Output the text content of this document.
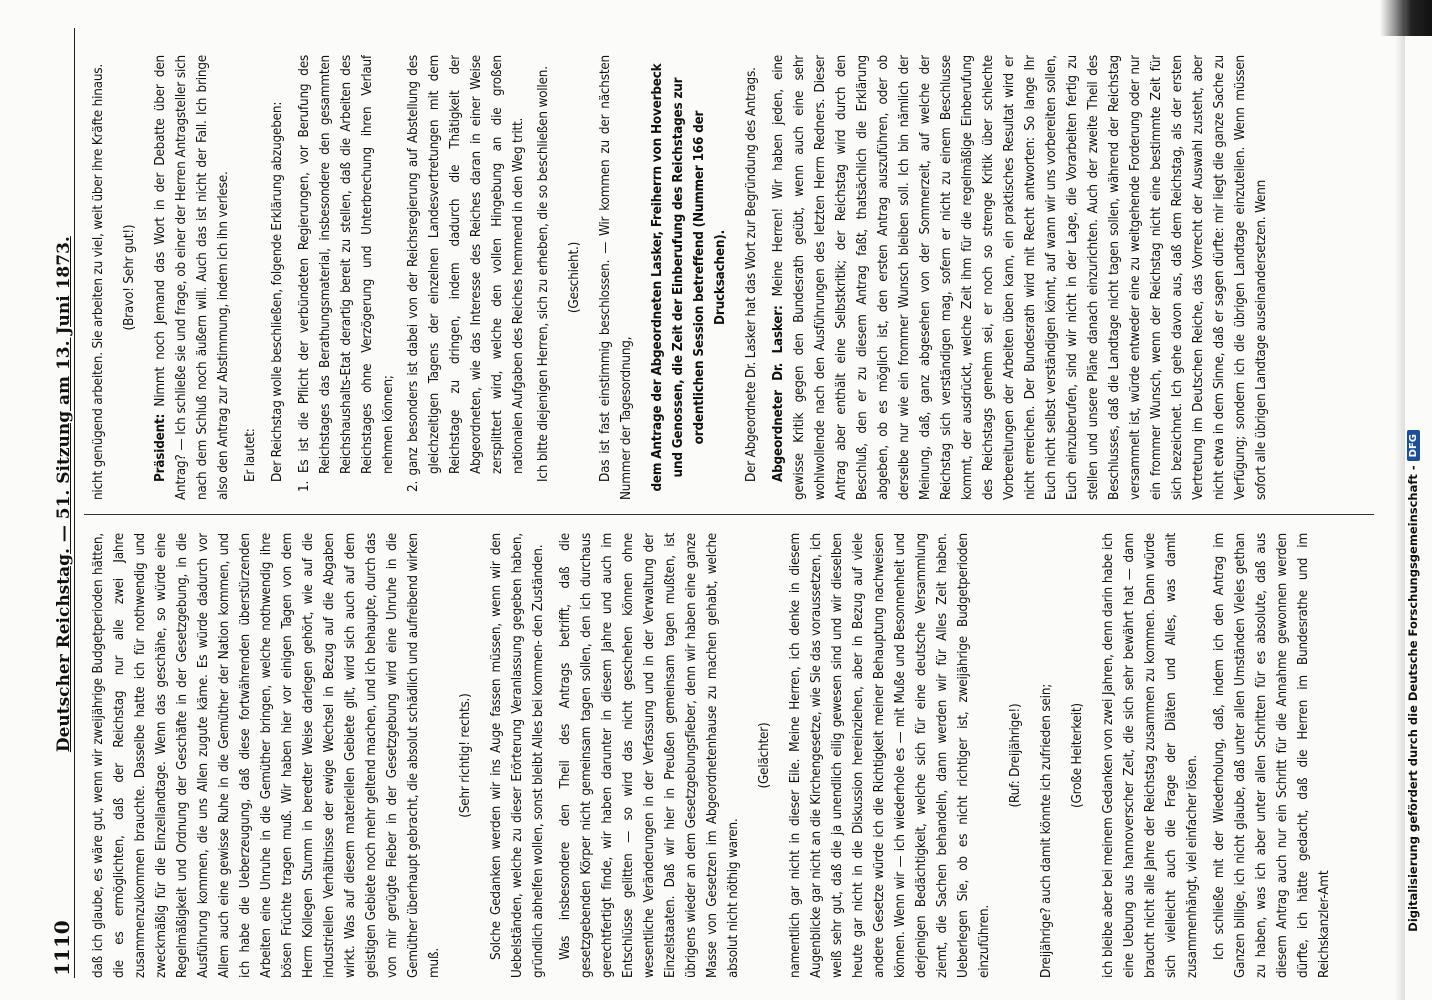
1110
Deutscher Reichstag. — 51. Sitzung am 13. Juni 1873.

daß ich glaube, es wäre gut, wenn wir zweijährige Budgetperioden hätten, die es ermöglichten, daß der Reichstag nur alle zwei Jahre zusammenzukommen brauchte. Dasselbe hatte ich für nothwendig und zweckmäßig für die Einzellandtage. Wenn das geschähe, so würde eine Regelmäßigkeit und Ordnung der Geschäfte in der Gesetzgebung, in die Ausführung kommen, die uns Allen zugute käme. Es würde dadurch vor Allem auch eine gewisse Ruhe in die Gemüther der Nation kommen, und ich habe die Ueberzeugung, daß diese fortwährenden überstürzenden Arbeiten eine Unruhe in die Gemüther bringen, welche nothwendig ihre bösen Früchte tragen muß. Wir haben hier vor einigen Tagen von dem Herrn Kollegen Stumm in beredter Weise darlegen gehört, wie auf die industriellen Verhältnisse der ewige Wechsel in Bezug auf die Abgaben wirkt. Was auf diesem materiellen Gebiete gilt, wird sich auch auf dem geistigen Gebiete noch mehr geltend machen, und ich behaupte, durch das von mir gerügte Fieber in der Gesetzgebung wird eine Unruhe in die Gemüther überhaupt gebracht, die absolut schädlich und aufreibend wirken muß.

(Sehr richtig! rechts.) Solche Gedanken werden wir ins Auge fassen müssen, wenn wir den Uebelständen, welche zu dieser Erörterung Veranlassung gegeben haben, gründlich abhelfen wollen, sonst bleibt Alles bei kommen- den Zuständen. Was insbesondere den Theil des Antrags betrifft, daß die gesetzgebenden Körper nicht gemeinsam tagen sollen, den ich durchaus gerechtfertigt finde, wir haben darunter in diesem Jahre und auch im Entschlüsse gelitten — so wird das nicht geschehen können ohne wesentliche Veränderungen in der Verfassung und in der Verwaltung der Einzelstaaten. Daß wir hier in Preußen gemeinsam tagen mußten, ist übrigens wieder an dem Gesetzgebungsfieber, denn wir haben eine ganze Masse von Gesetzen im Abgeordnetenhause zu machen gehabt, welche absolut nicht nöthig waren.

(Gelächter) namentlich gar nicht in dieser Eile. Meine Herren, ich denke in diesem Augenblicke gar nicht an die Kirchengesetze, wie Sie das voraussetzen, ich weiß sehr gut, daß die ja unendlich eilig gewesen sind und wir dieselben heute gar nicht in die Diskussion hereinziehen, aber in Bezug auf viele andere Gesetze würde ich die Richtigkeit meiner Behauptung nachweisen können. Wenn wir — ich wiederhole es — mit Muße und Besonnenheit und derjenigen Bedächtigkeit, welche sich für eine deutsche Versammlung ziemt, die Sachen behandeln, dann werden wir für Alles Zeit haben. Ueberlegen Sie, ob es nicht richtiger ist, zweijährige Budgetperioden einzuführen.

(Ruf: Dreijährige!) Dreijährige? auch damit könnte ich zufrieden sein; (Große Heiterkeit) ich bleibe aber bei meinem Gedanken von zwei Jahren, denn darin habe ich eine Uebung aus hannoverscher Zeit, die sich sehr bewährt hat — dann braucht nicht alle Jahre der Reichstag zusammen zu kommen. Dann würde sich vielleicht auch die Frage der Diäten und Alles, was damit zusammenhängt, viel einfacher lösen. Ich schließe mit der Wiederholung, daß, indem ich den Antrag im Ganzen billige, ich nicht glaube, daß unter allen Umständen Vieles gethan zu haben, was ich aber unter allen Schritten für es absolute, daß aus diesem Antrag auch nur ein Schritt für die Annahme gewonnen werden dürfte, ich hätte gedacht, daß die Herren im Bundesrathe und im Reichskanzler-Amt

nicht genügend arbeiten. Sie arbeiten zu viel, weit über ihre Kräfte hinaus. (Bravo! Sehr gut!)

Präsident: Nimmt noch Jemand das Wort in der Debatte über den Antrag? — Ich schließe sie und frage, ob einer der Herren Antragsteller sich nach dem Schluß noch äußern will. Auch das ist nicht der Fall. Ich bringe also den Antrag zur Abstimmung, indem ich ihn verlese. Er lautet: Der Reichstag wolle beschließen, folgende Erklärung abzugeben: 1. Es ist die Pflicht der verbündeten Regierungen, vor Berufung des Reichstages das Berathungsmaterial, insbesondere den gesammten Reichshaushalts-Etat derartig bereit zu stellen, daß die Arbeiten des Reichstages ohne Verzögerung und Unterbrechung ihren Verlauf nehmen können; 2. ganz besonders ist dabei von der Reichsregierung auf Abstellung des gleichzeitigen Tagens der einzelnen Landesvertretungen mit dem Reichstage zu dringen, indem dadurch die Thätigkeit der Abgeordneten, wie das Interesse des Reiches daran in einer Weise zersplittert wird, welche den vollen Hingebung an die großen nationalen Aufgaben des Reiches hemmend in den Weg tritt. Ich bitte diejenigen Herren, sich zu erheben, die so beschließen wollen. (Geschieht.) Das ist fast einstimmig beschlossen. — Wir kommen zu der nächsten Nummer der Tagesordnung, dem Antrage der Abgeordneten Lasker, Freiherrn von Hoverbeck und Genossen, die Zeit der Einberufung des Reichstages zur ordentlichen Session betreffend (Nummer 166 der Drucksachen). Der Abgeordnete Dr. Lasker hat das Wort zur Begründung des Antrags. Abgeordneter Dr. Lasker: Meine Herren! Wir haben jeden, eine gewisse Kritik gegen den Bundesrath geübt, wenn auch eine sehr wohlwollende nach den Ausführungen des letzten Herrn Redners. Dieser Antrag aber enthält eine Selbstkritik; der Reichstag wird durch den Beschluß, den er zu diesem Antrag faßt, thatsächlich die Erklärung abgeben, ob es möglich ist, den ersten Antrag auszuführen, oder ob derselbe nur wie ein frommer Wunsch bleiben soll. Ich bin nämlich der Meinung, daß, ganz abgesehen von der Sommerzeit, auf welche der Reichstag sich verständigen mag, sofern er nicht zu einem Beschlusse kommt, der ausdrückt, welche Zeit ihm für die regelmäßige Einberufung des Reichstags genehm sei, er noch so strenge Kritik über schlechte Vorbereitungen der Arbeiten üben kann, ein praktisches Resultat wird er nicht erreichen. Der Bundesrath wird mit Recht antworten: So lange Ihr Euch nicht selbst verständigen könnt, auf wann wir uns vorbereiten sollen, Euch einzuberufen, sind wir nicht in der Lage, die Vorarbeiten fertig zu stellen und unsere Pläne danach einzurichten. Auch der zweite Theil des Beschlusses, daß die Landtage nicht tagen sollen, während der Reichstag versammelt ist, würde entweder eine zu weitgehende Forderung oder nur ein frommer Wunsch, wenn der Reichstag nicht eine bestimmte Zeit für sich bezeichnet. Ich gehe davon aus, daß dem Reichstag, als der ersten Vertretung im Deutschen Reiche, das Vorrecht der Auswahl zusteht, aber nicht etwa in dem Sinne, daß er sagen dürfte: mir liegt die ganze Sache zu Verfügung; sondern ich die übrigen Landtage einzuteilen. Wenn müssen sofort alle übrigen Landtage auseinandersetzen. Wenn

Digitalisierung gefördert durch die Deutsche Forschungsgemeinschaft -
DFG
